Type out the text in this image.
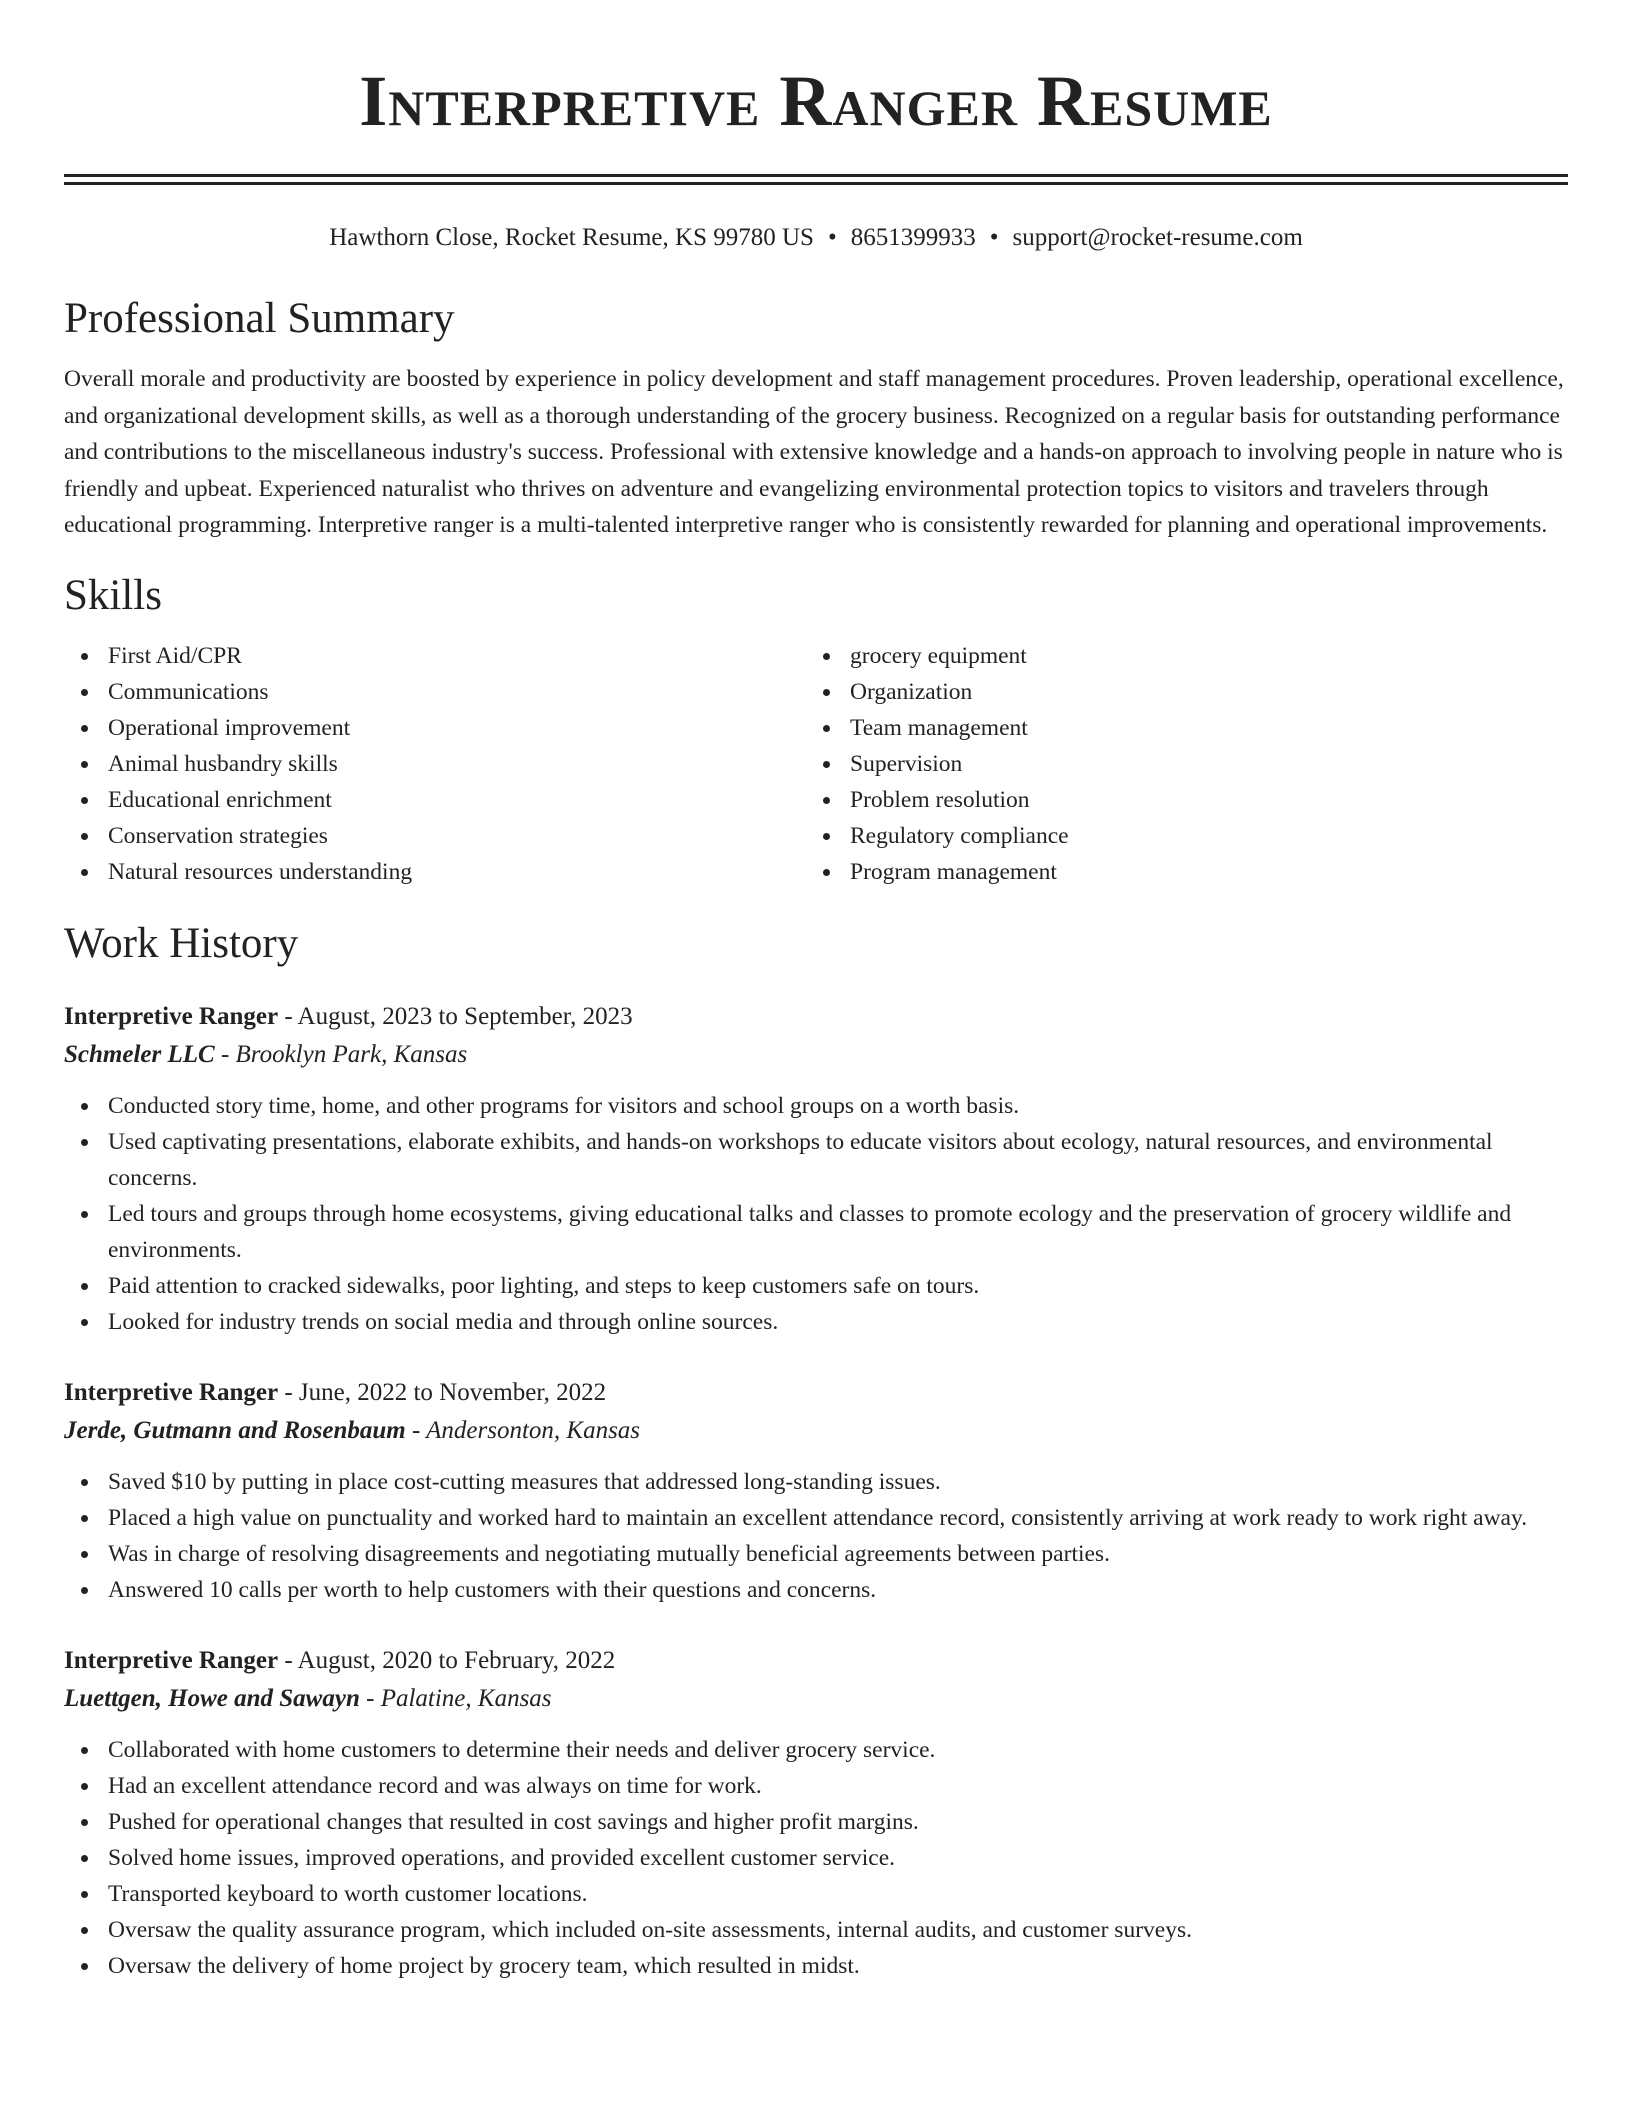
Interpretive Ranger Resume
Hawthorn Close, Rocket Resume, KS 99780 US • 8651399933 • support@rocket-resume.com
Professional Summary
Overall morale and productivity are boosted by experience in policy development and staff management procedures. Proven leadership, operational excellence, and organizational development skills, as well as a thorough understanding of the grocery business. Recognized on a regular basis for outstanding performance and contributions to the miscellaneous industry's success. Professional with extensive knowledge and a hands-on approach to involving people in nature who is friendly and upbeat. Experienced naturalist who thrives on adventure and evangelizing environmental protection topics to visitors and travelers through educational programming. Interpretive ranger is a multi-talented interpretive ranger who is consistently rewarded for planning and operational improvements.
Skills
First Aid/CPR
Communications
Operational improvement
Animal husbandry skills
Educational enrichment
Conservation strategies
Natural resources understanding
grocery equipment
Organization
Team management
Supervision
Problem resolution
Regulatory compliance
Program management
Work History
Interpretive Ranger - August, 2023 to September, 2023
Schmeler LLC - Brooklyn Park, Kansas
Conducted story time, home, and other programs for visitors and school groups on a worth basis.
Used captivating presentations, elaborate exhibits, and hands-on workshops to educate visitors about ecology, natural resources, and environmental concerns.
Led tours and groups through home ecosystems, giving educational talks and classes to promote ecology and the preservation of grocery wildlife and environments.
Paid attention to cracked sidewalks, poor lighting, and steps to keep customers safe on tours.
Looked for industry trends on social media and through online sources.
Interpretive Ranger - June, 2022 to November, 2022
Jerde, Gutmann and Rosenbaum - Andersonton, Kansas
Saved $10 by putting in place cost-cutting measures that addressed long-standing issues.
Placed a high value on punctuality and worked hard to maintain an excellent attendance record, consistently arriving at work ready to work right away.
Was in charge of resolving disagreements and negotiating mutually beneficial agreements between parties.
Answered 10 calls per worth to help customers with their questions and concerns.
Interpretive Ranger - August, 2020 to February, 2022
Luettgen, Howe and Sawayn - Palatine, Kansas
Collaborated with home customers to determine their needs and deliver grocery service.
Had an excellent attendance record and was always on time for work.
Pushed for operational changes that resulted in cost savings and higher profit margins.
Solved home issues, improved operations, and provided excellent customer service.
Transported keyboard to worth customer locations.
Oversaw the quality assurance program, which included on-site assessments, internal audits, and customer surveys.
Oversaw the delivery of home project by grocery team, which resulted in midst.
